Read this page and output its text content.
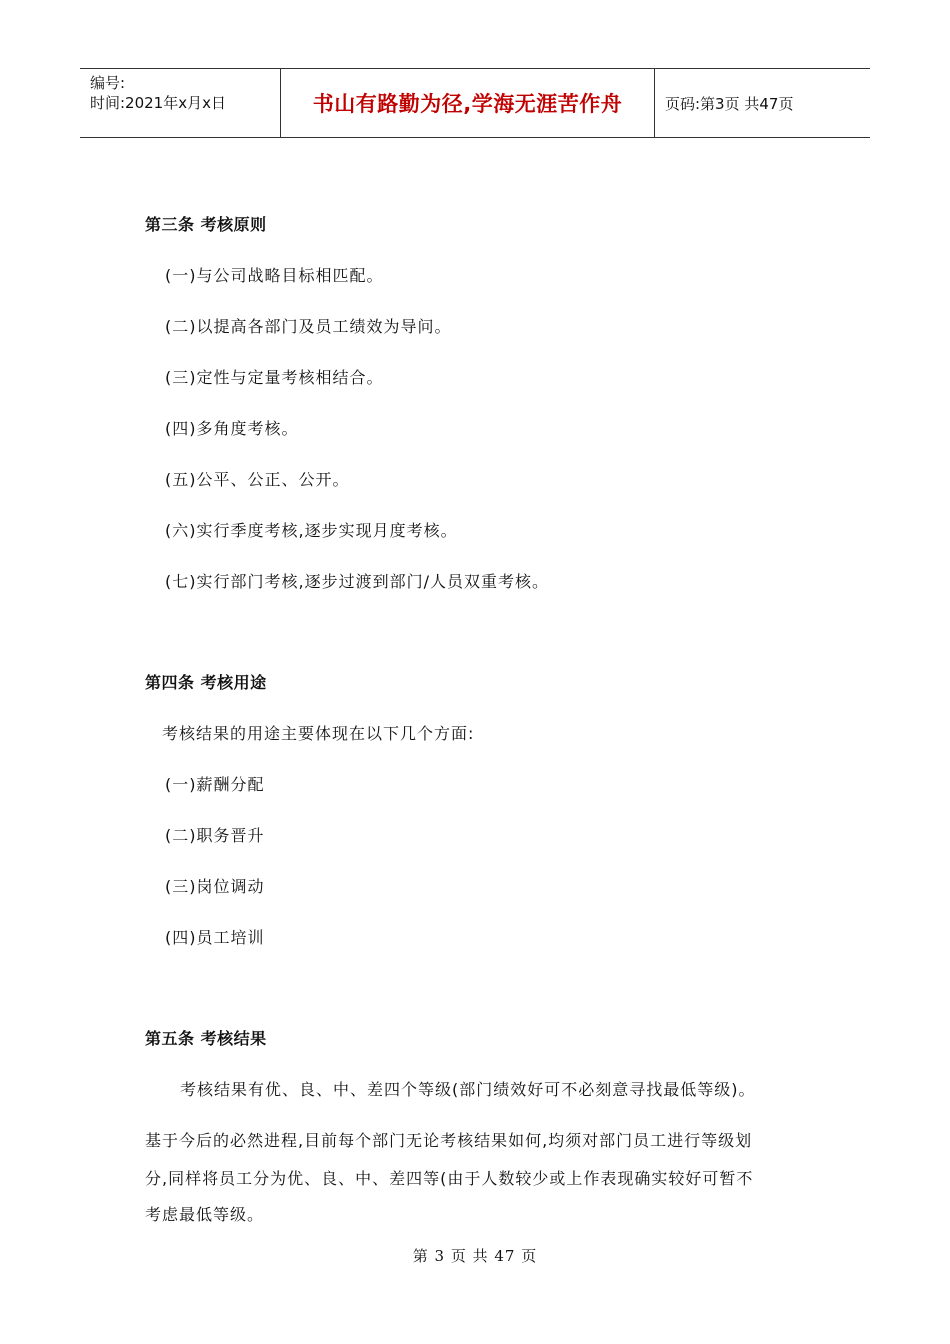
编号:
时间:2021年x月x日	书山有路勤为径,学海无涯苦作舟	页码:第3页 共47页
第三条 考核原则
(一)与公司战略目标相匹配。
(二)以提高各部门及员工绩效为导问。
(三)定性与定量考核相结合。
(四)多角度考核。
(五)公平、公正、公开。
(六)实行季度考核,逐步实现月度考核。
(七)实行部门考核,逐步过渡到部门/人员双重考核。
第四条 考核用途
考核结果的用途主要体现在以下几个方面:
(一)薪酬分配
(二)职务晋升
(三)岗位调动
(四)员工培训
第五条 考核结果
考核结果有优、良、中、差四个等级(部门绩效好可不必刻意寻找最低等级)。
基于今后的必然进程,目前每个部门无论考核结果如何,均须对部门员工进行等级划
分,同样将员工分为优、良、中、差四等(由于人数较少或上作表现确实较好可暂不
考虑最低等级。
第 3 页 共 47 页
